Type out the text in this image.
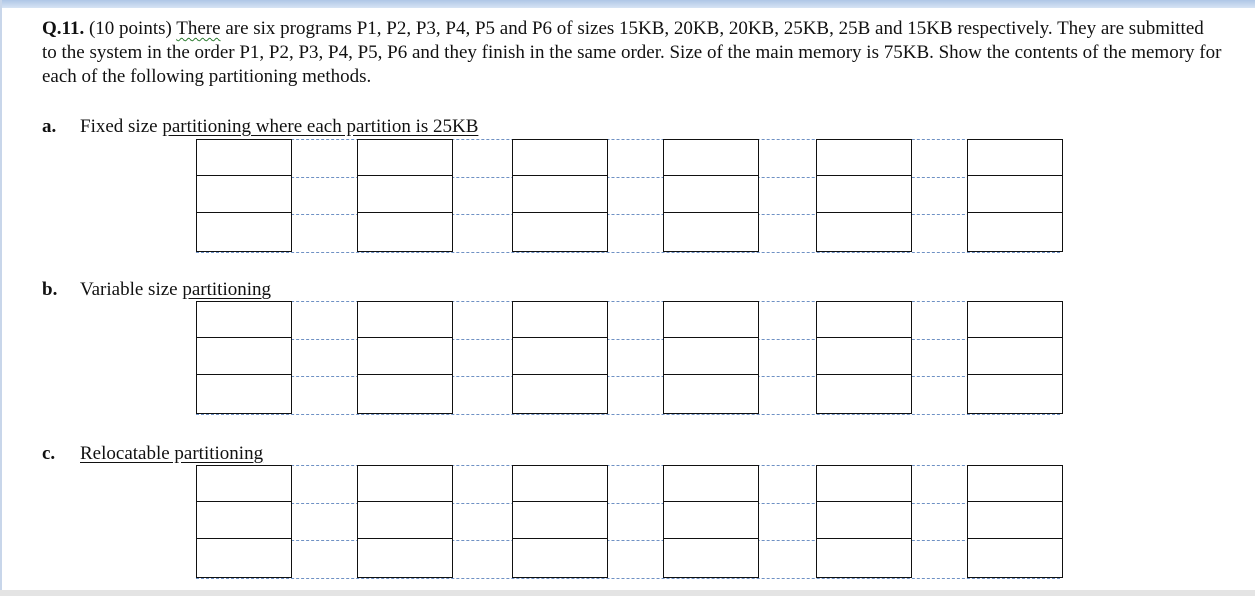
Q.11. (10 points) There are six programs P1, P2, P3, P4, P5 and P6 of sizes 15KB, 20KB, 20KB, 25KB, 25B and 15KB respectively. They are submitted to the system in the order P1, P2, P3, P4, P5, P6 and they finish in the same order. Size of the main memory is 75KB. Show the contents of the memory for each of the following partitioning methods.
a. Fixed size partitioning where each partition is 25KB
b. Variable size partitioning
c. Relocatable partitioning
